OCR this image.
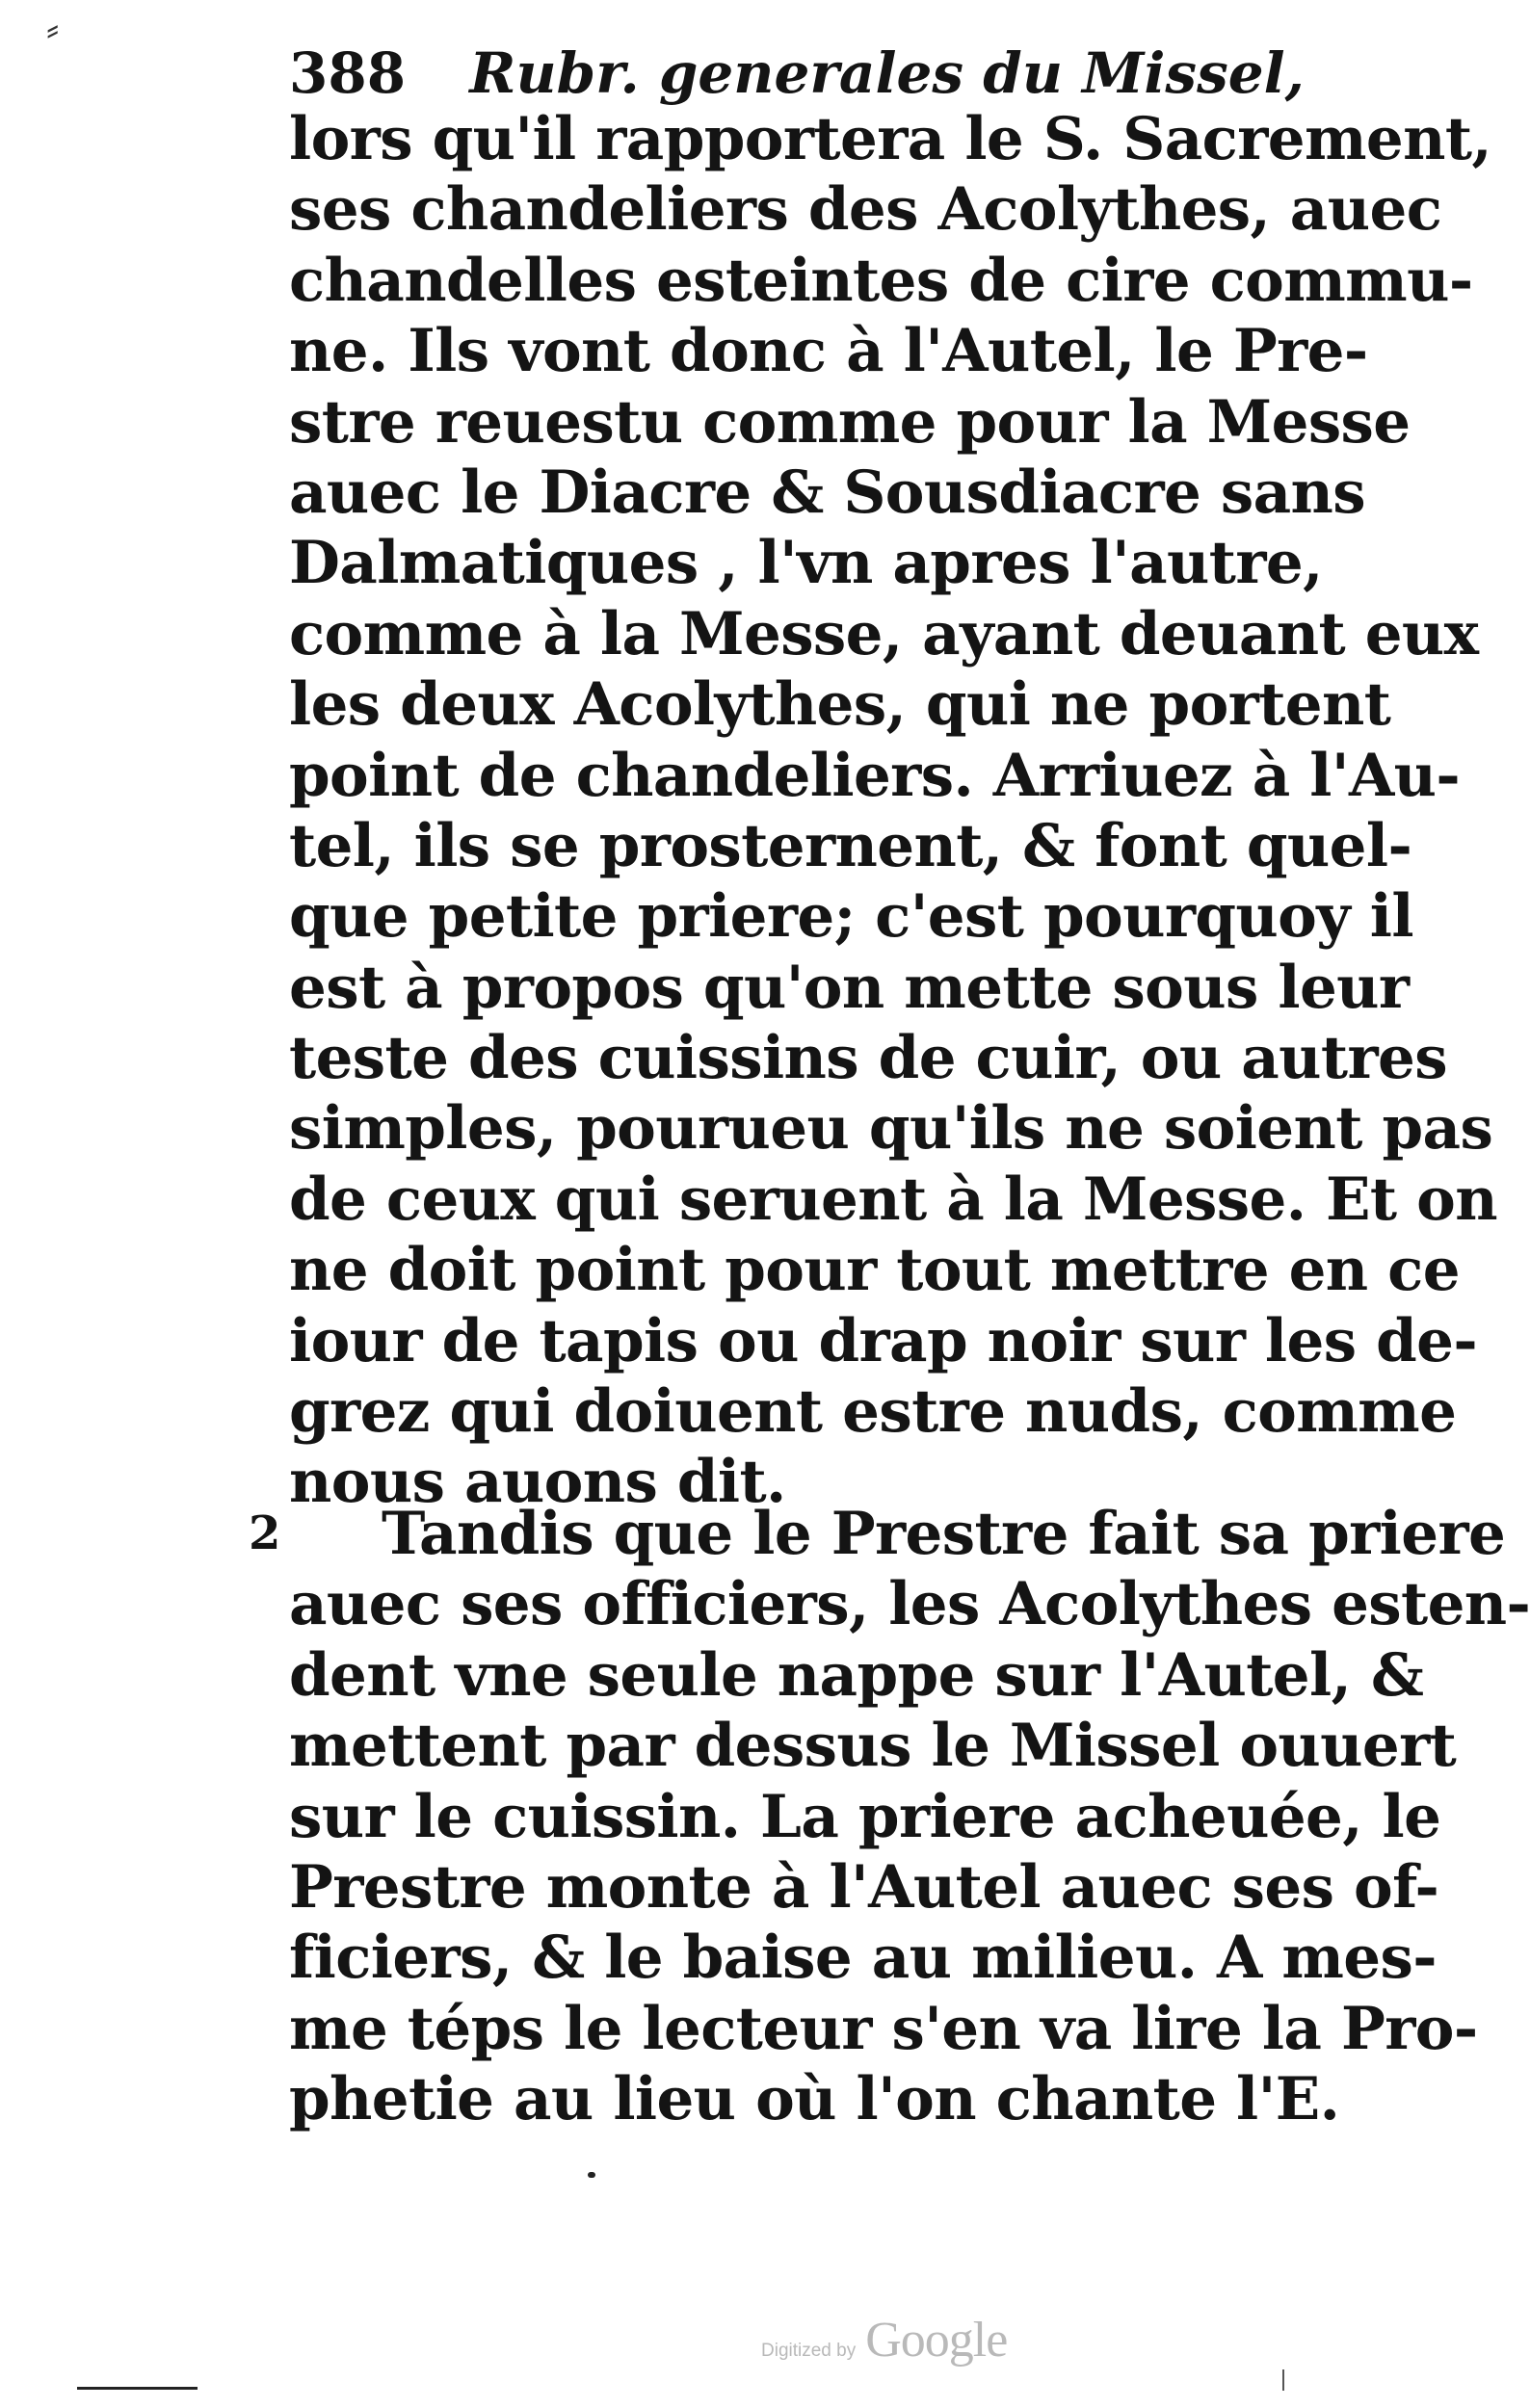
⸗
388 Rubr. generales du Missel,
lors qu'il rapportera le S. Sacrement,
ses chandeliers des Acolythes, auec
chandelles esteintes de cire commu-
ne. Ils vont donc à l'Autel, le Pre-
stre reuestu comme pour la Messe
auec le Diacre & Sousdiacre sans
Dalmatiques , l'vn apres l'autre,
comme à la Messe, ayant deuant eux
les deux Acolythes, qui ne portent
point de chandeliers. Arriuez à l'Au-
tel, ils se prosternent, & font quel-
que petite priere; c'est pourquoy il
est à propos qu'on mette sous leur
teste des cuissins de cuir, ou autres
simples, pourueu qu'ils ne soient pas
de ceux qui seruent à la Messe. Et on
ne doit point pour tout mettre en ce
iour de tapis ou drap noir sur les de-
grez qui doiuent estre nuds, comme
nous auons dit.
2	Tandis que le Prestre fait sa priere
auec ses officiers, les Acolythes esten-
dent vne seule nappe sur l'Autel, &
mettent par dessus le Missel ouuert
sur le cuissin. La priere acheuée, le
Prestre monte à l'Autel auec ses of-
ficiers, & le baise au milieu. A mes-
me téps le lecteur s'en va lire la Pro-
phetie au lieu où l'on chante l'E.
Digitized by Google
